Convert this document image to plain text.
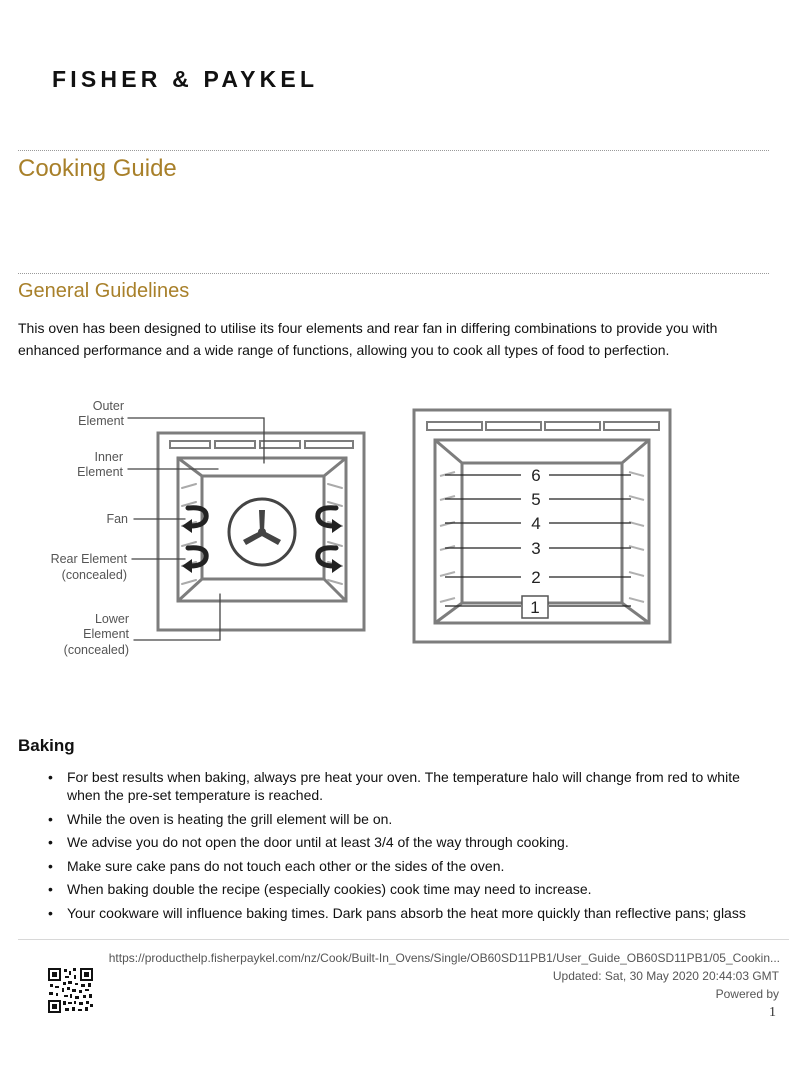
FISHER & PAYKEL
Cooking Guide
General Guidelines

This oven has been designed to utilise its four elements and rear fan in differing combinations to provide you with enhanced performance and a wide range of functions, allowing you to cook all types of food to perfection.

Outer
Element
Inner
Element
Fan
Rear Element
(concealed)
Lower
Element
(concealed)
6
5
4
3
2
1
Baking
• For best results when baking, always pre heat your oven. The temperature halo will change from red to white when the pre-set temperature is reached.
• While the oven is heating the grill element will be on.
• We advise you do not open the door until at least 3/4 of the way through cooking.
• Make sure cake pans do not touch each other or the sides of the oven.
• When baking double the recipe (especially cookies) cook time may need to increase.
• Your cookware will influence baking times. Dark pans absorb the heat more quickly than reflective pans; glass
https://producthelp.fisherpaykel.com/nz/Cook/Built-In_Ovens/Single/OB60SD11PB1/User_Guide_OB60SD11PB1/05_Cookin...
Updated: Sat, 30 May 2020 20:44:03 GMT
Powered by
1
